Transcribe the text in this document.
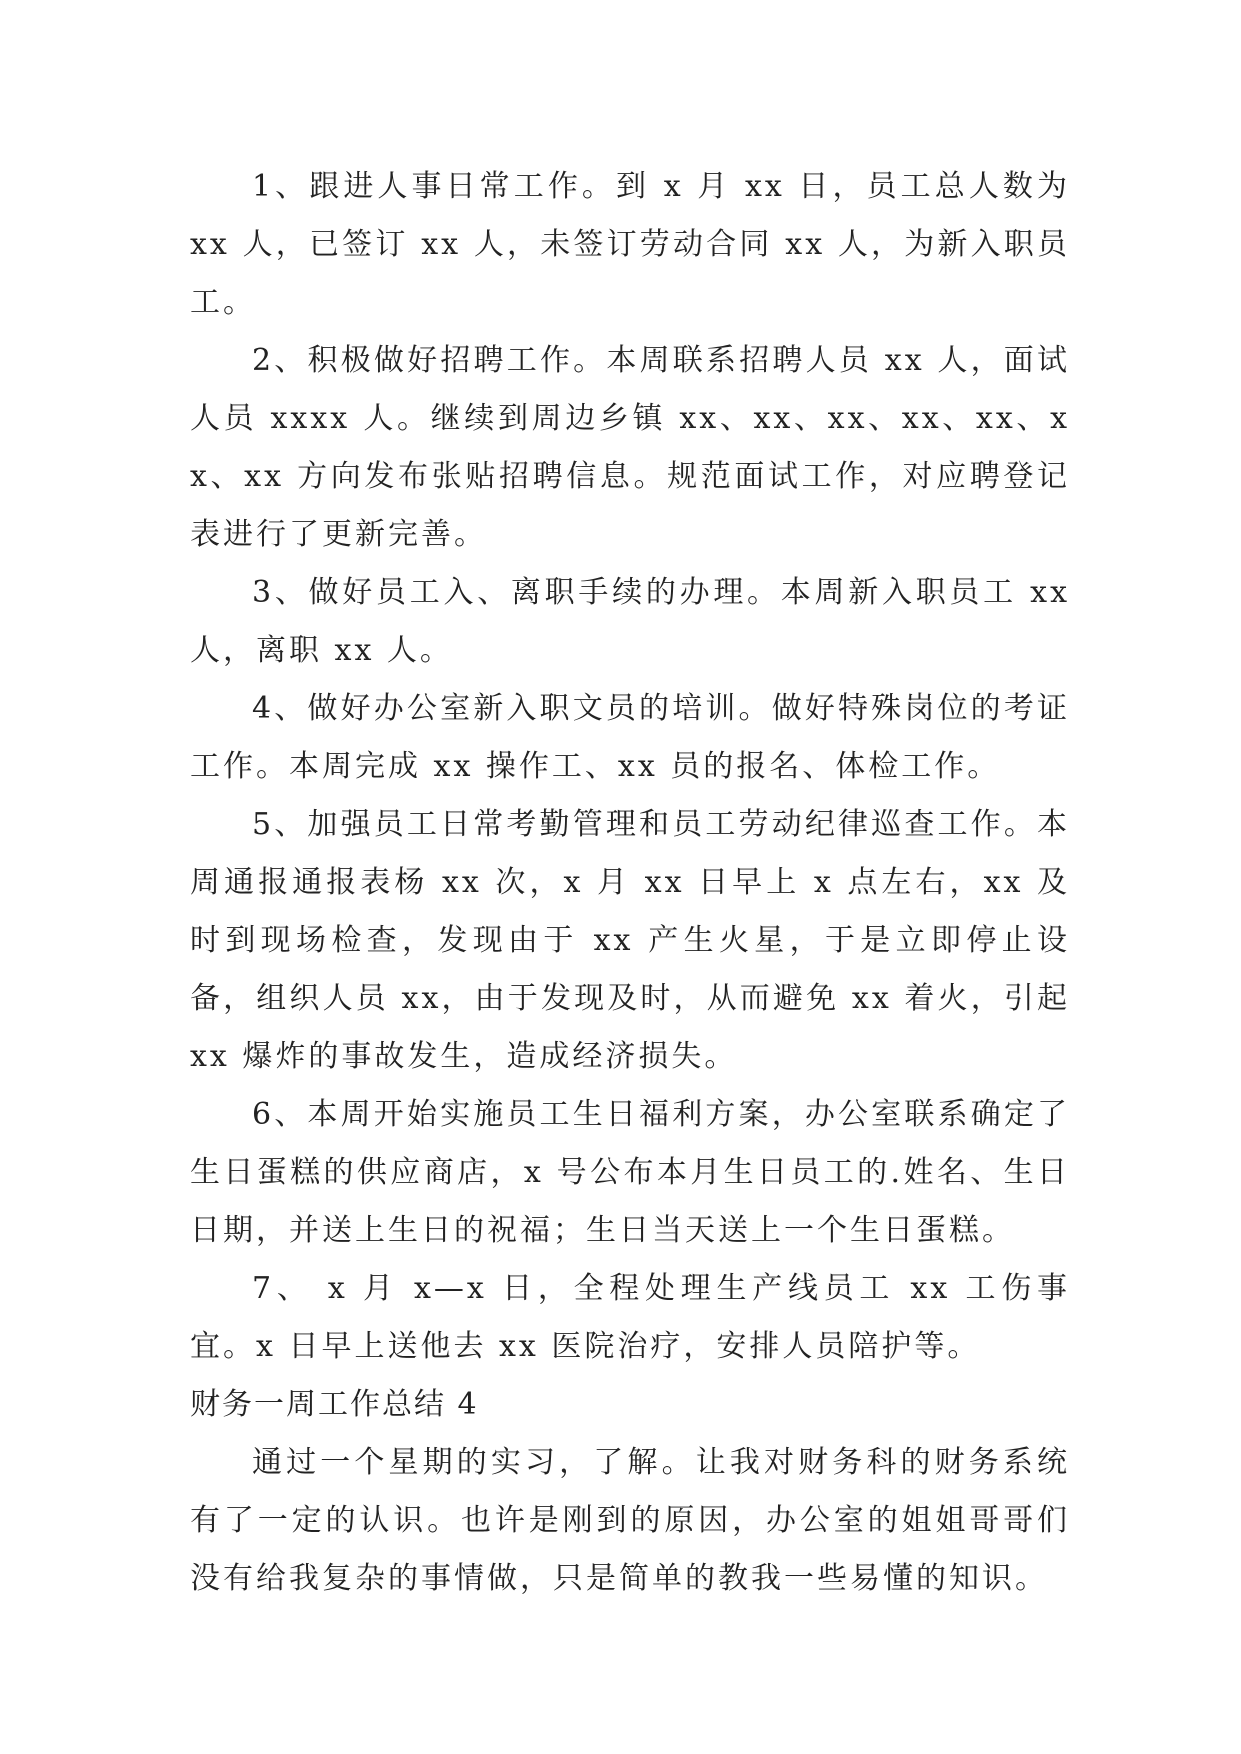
1、跟进人事日常工作。到 x 月 xx 日，员工总人数为 xx 人，已签订 xx 人，未签订劳动合同 xx 人，为新入职员工。

2、积极做好招聘工作。本周联系招聘人员 xx 人，面试人员 xxxx 人。继续到周边乡镇 xx、xx、xx、xx、xx、xx、xx 方向发布张贴招聘信息。规范面试工作，对应聘登记表进行了更新完善。

3、做好员工入、离职手续的办理。本周新入职员工 xx 人，离职 xx 人。

4、做好办公室新入职文员的培训。做好特殊岗位的考证工作。本周完成 xx 操作工、xx 员的报名、体检工作。

5、加强员工日常考勤管理和员工劳动纪律巡查工作。本周通报通报表杨 xx 次，x 月 xx 日早上 x 点左右，xx 及时到现场检查，发现由于 xx 产生火星，于是立即停止设备，组织人员 xx，由于发现及时，从而避免 xx 着火，引起 xx 爆炸的事故发生，造成经济损失。

6、本周开始实施员工生日福利方案，办公室联系确定了生日蛋糕的供应商店，x 号公布本月生日员工的.姓名、生日日期，并送上生日的祝福；生日当天送上一个生日蛋糕。

7、 x 月 x—x 日，全程处理生产线员工 xx 工伤事宜。x 日早上送他去 xx 医院治疗，安排人员陪护等。

财务一周工作总结 4

通过一个星期的实习，了解。让我对财务科的财务系统有了一定的认识。也许是刚到的原因，办公室的姐姐哥哥们没有给我复杂的事情做，只是简单的教我一些易懂的知识。
